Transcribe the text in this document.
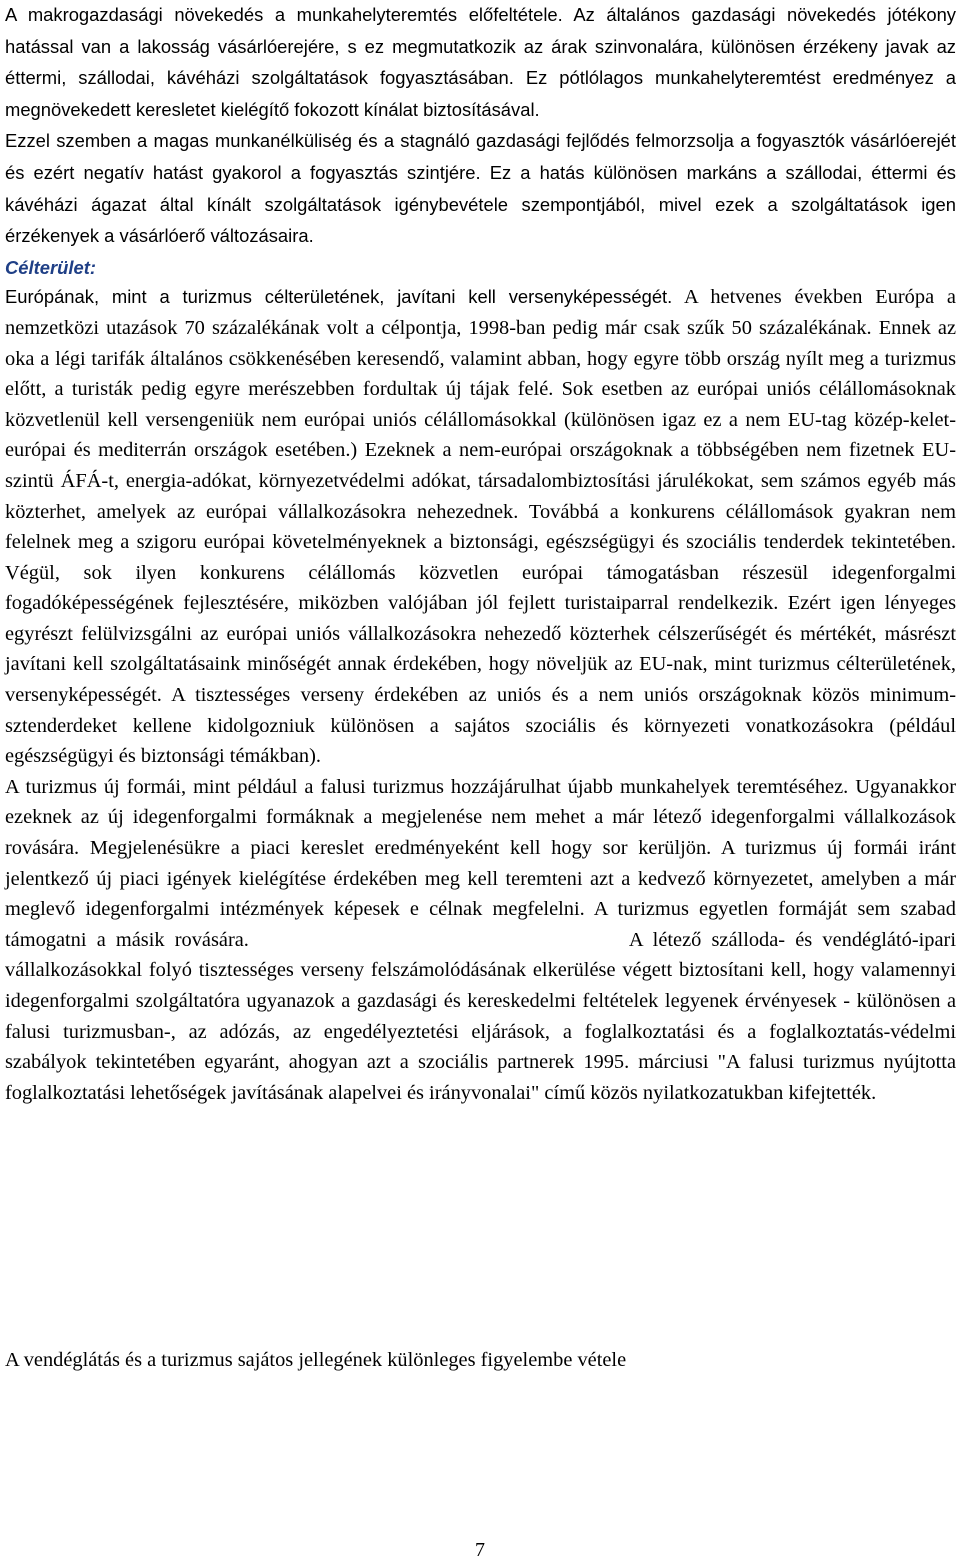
A makrogazdasági növekedés a munkahelyteremtés előfeltétele. Az általános gazdasági növekedés jótékony hatással van a lakosság vásárlóerejére, s ez megmutatkozik az árak szinvonalára, különösen érzékeny javak az éttermi, szállodai, kávéházi szolgáltatások fogyasztásában. Ez pótlólagos munkahelyteremtést eredményez a megnövekedett keresletet kielégítő fokozott kínálat biztosításával.

Ezzel szemben a magas munkanélküliség és a stagnáló gazdasági fejlődés felmorzsolja a fogyasztók vásárlóerejét és ezért negatív hatást gyakorol a fogyasztás szintjére. Ez a hatás különösen markáns a szállodai, éttermi és kávéházi ágazat által kínált szolgáltatások igénybevétele szempontjából, mivel ezek a szolgáltatások igen érzékenyek a vásárlóerő változásaira.

Célterület:

Európának, mint a turizmus célterületének, javítani kell versenyképességét. A hetvenes években Európa a nemzetközi utazások 70 százalékának volt a célpontja, 1998-ban pedig már csak szűk 50 százalékának. Ennek az oka a légi tarifák általános csökkenésében keresendő, valamint abban, hogy egyre több ország nyílt meg a turizmus előtt, a turisták pedig egyre merészebben fordultak új tájak felé. Sok esetben az európai uniós célállomásoknak közvetlenül kell versengeniük nem európai uniós célállomásokkal (különösen igaz ez a nem EU-tag közép-kelet-európai és mediterrán országok esetében.) Ezeknek a nem-európai országoknak a többségében nem fizetnek EU-szintü ÁFÁ-t, energia-adókat, környezetvédelmi adókat, társadalombiztosítási járulékokat, sem számos egyéb más közterhet, amelyek az európai vállalkozásokra nehezednek. Továbbá a konkurens célállomások gyakran nem felelnek meg a szigoru európai követelményeknek a biztonsági, egészségügyi és szociális tenderdek tekintetében. Végül, sok ilyen konkurens célállomás közvetlen európai támogatásban részesül idegenforgalmi fogadóképességének fejlesztésére, miközben valójában jól fejlett turistaiparral rendelkezik. Ezért igen lényeges egyrészt felülvizsgálni az európai uniós vállalkozásokra nehezedő közterhek célszerűségét és mértékét, másrészt javítani kell szolgáltatásaink minőségét annak érdekében, hogy növeljük az EU-nak, mint turizmus célterületének, versenyképességét. A tisztességes verseny érdekében az uniós és a nem uniós országoknak közös minimum-sztenderdeket kellene kidolgozniuk különösen a sajátos szociális és környezeti vonatkozásokra (például egészségügyi és biztonsági témákban).

A turizmus új formái, mint például a falusi turizmus hozzájárulhat újabb munkahelyek teremtéséhez. Ugyanakkor ezeknek az új idegenforgalmi formáknak a megjelenése nem mehet a már létező idegenforgalmi vállalkozások rovására. Megjelenésükre a piaci kereslet eredményeként kell hogy sor kerüljön. A turizmus új formái iránt jelentkező új piaci igények kielégítése érdekében meg kell teremteni azt a kedvező környezetet, amelyben a már meglevő idegenforgalmi intézmények képesek e célnak megfelelni. A turizmus egyetlen formáját sem szabad támogatni a másik rovására.	A létező szálloda- és vendéglátó-ipari vállalkozásokkal folyó tisztességes verseny felszámolódásának elkerülése végett biztosítani kell, hogy valamennyi idegenforgalmi szolgáltatóra ugyanazok a gazdasági és kereskedelmi feltételek legyenek érvényesek - különösen a falusi turizmusban-, az adózás, az engedélyeztetési eljárások, a foglalkoztatási és a foglalkoztatás-védelmi szabályok tekintetében egyaránt, ahogyan azt a szociális partnerek 1995. márciusi "A falusi turizmus nyújtotta foglalkoztatási lehetőségek javításának alapelvei és irányvonalai" című közös nyilatkozatukban kifejtették.

A vendéglátás és a turizmus sajátos jellegének különleges figyelembe vétele

7
